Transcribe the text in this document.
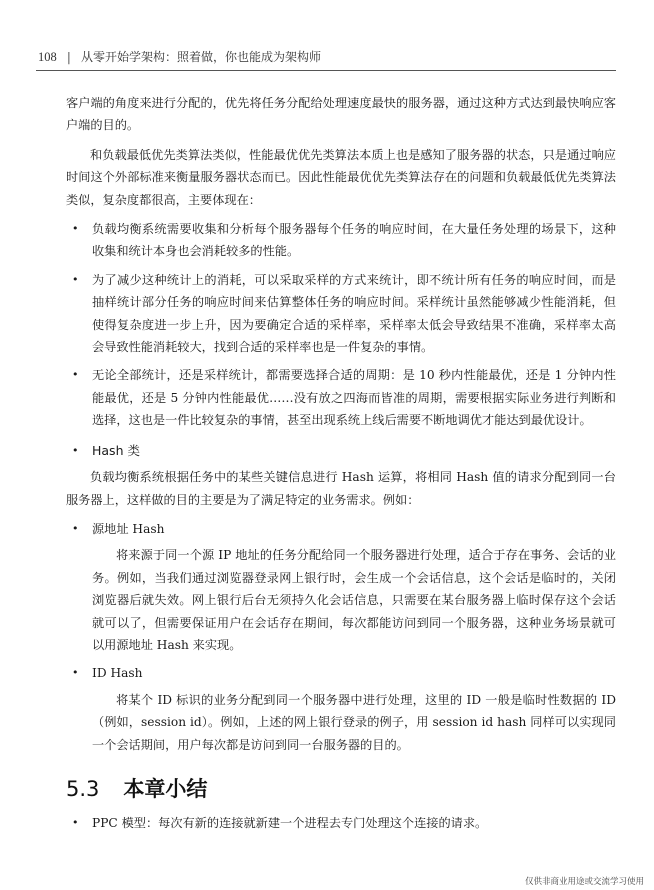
108 | 从零开始学架构：照着做，你也能成为架构师

客户端的角度来进行分配的，优先将任务分配给处理速度最快的服务器，通过这种方式达到最快响应客户端的目的。

和负载最低优先类算法类似，性能最优优先类算法本质上也是感知了服务器的状态，只是通过响应时间这个外部标准来衡量服务器状态而已。因此性能最优优先类算法存在的问题和负载最低优先类算法类似，复杂度都很高，主要体现在：

• 负载均衡系统需要收集和分析每个服务器每个任务的响应时间，在大量任务处理的场景下，这种收集和统计本身也会消耗较多的性能。
• 为了减少这种统计上的消耗，可以采取采样的方式来统计，即不统计所有任务的响应时间，而是抽样统计部分任务的响应时间来估算整体任务的响应时间。采样统计虽然能够减少性能消耗，但使得复杂度进一步上升，因为要确定合适的采样率，采样率太低会导致结果不准确，采样率太高会导致性能消耗较大，找到合适的采样率也是一件复杂的事情。
• 无论全部统计，还是采样统计，都需要选择合适的周期：是 10 秒内性能最优，还是 1 分钟内性能最优，还是 5 分钟内性能最优……没有放之四海而皆准的周期，需要根据实际业务进行判断和选择，这也是一件比较复杂的事情，甚至出现系统上线后需要不断地调优才能达到最优设计。
• Hash 类

负载均衡系统根据任务中的某些关键信息进行 Hash 运算，将相同 Hash 值的请求分配到同一台服务器上，这样做的目的主要是为了满足特定的业务需求。例如：

• 源地址 Hash

将来源于同一个源 IP 地址的任务分配给同一个服务器进行处理，适合于存在事务、会话的业务。例如，当我们通过浏览器登录网上银行时，会生成一个会话信息，这个会话是临时的，关闭浏览器后就失效。网上银行后台无须持久化会话信息，只需要在某台服务器上临时保存这个会话就可以了，但需要保证用户在会话存在期间，每次都能访问到同一个服务器，这种业务场景就可以用源地址 Hash 来实现。

• ID Hash

将某个 ID 标识的业务分配到同一个服务器中进行处理，这里的 ID 一般是临时性数据的 ID（例如，session id）。例如，上述的网上银行登录的例子，用 session id hash 同样可以实现同一个会话期间，用户每次都是访问到同一台服务器的目的。

5.3 本章小结
• PPC 模型：每次有新的连接就新建一个进程去专门处理这个连接的请求。
仅供非商业用途或交流学习使用
